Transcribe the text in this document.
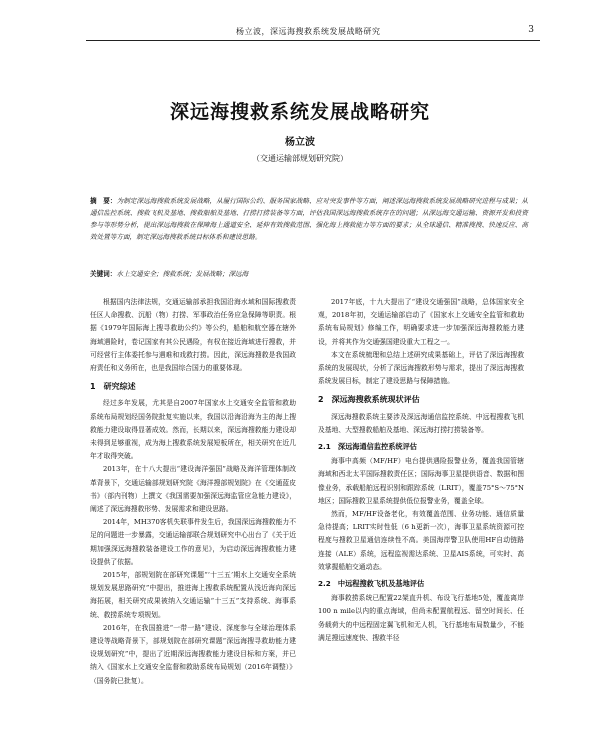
杨立波，深远海搜救系统发展战略研究	3
深远海搜救系统发展战略研究
杨立波
（交通运输部规划研究院）
摘　要：为制定深远海搜救系统发展战略，从履行国际公约、服务国家战略、应对突发事件等方面，阐述深远海搜救系统发展战略研究进程与成果；从通信监控系统、搜救飞机及基地、搜救船舶及基地、打捞打捞装备等方面，评估我国深远海搜救系统存在的问题；从深远海交通运输、资源开发和投资参与等形势分析，提出深远海搜救在保障海上通道安全、延伸有效搜救范围、强化海上搜救能力等方面的要求；从全球通信、精准搜搜、快速反应、高效处置等方面，制定深远海搜救系统目标体系和建设思路。
关键词：水上交通安全；搜救系统；发展战略；深远海

根据国内法律法规，交通运输部承担我国沿海水域和国际搜救责任区人命搜救、沉船（物）打捞、军事政治任务应急保障等职责。根据《1979年国际海上搜寻救助公约》等公约，船舶和航空器在辖外海域遇险时，卷记国家有其公民遇险，有权在接近海域进行搜救，并可经营行主体委托参与遇难和戏救打捞。因此，深远海搜救是我国政府责任和义务所在，也是我国综合国力的重要体现。

1　研究综述

经过多年发展，尤其是自2007年国家水上交通安全监管和救助系统布局规划经国务院批复实施以来，我国以沿海沿海为主的海上搜救能力建设取得显著成效。然而，长期以来，深远海搜救能力建设却未得到足够重视，成为海上搜救系统发展短板所在，相关研究在近几年才取得突破。

2013年，在十八大提出“建设海洋强国”战略及海洋管理体制改革背景下，交通运输部规划研究院《海洋搜部规划院》在《交通蓝皮书》（部内刊物）上撰文《我国需要加强深远海监管应急能力建设》，阐述了深远海搜救形势、发展需求和建设思路。

2014年，MH370客机失联事件发生后，我国深远海搜救能力不足的问题进一步暴露，交通运输部联合规划研究中心出台了《关于近期加强深远海搜救装备建设工作的意见》，为启动深远海搜救能力建设提供了依据。

2015年，部规划院在部研究课题“‘十三五’期水上交通安全系统规划发展思路研究”中提出，推进海上搜救系统配置从浅近海向深远海拓展，相关研究成果被纳入交通运输“十三五”支持系统、海事系统、救捞系统专项规划。

2016年，在我国推进“一带一路”建设、深度参与全球治理体系建设等战略背景下，部规划院在部研究课题“深远海搜寻救助能力建设规划研究”中，提出了近期深远海搜救能力建设目标和方案，并已纳入《国家水上交通安全监督和救助系统布局规划（2016年调整）》（国务院已批复）。

2017年底，十九大提出了“建设交通强国”战略，总体国家安全观，2018年初，交通运输部启动了《国家水上交通安全监管和救助系统布局规划》修编工作，明确要求进一步加强深远海搜救能力建设，并将其作为交通强国建设重大工程之一。

本文在系统梳理和总结上述研究成果基础上，评估了深远海搜救系统的发展现状，分析了深远海搜救形势与需求，提出了深远海搜救系统发展目标，制定了建设思路与保障措施。

2　深远海搜救系统现状评估

深远海搜救系统主要涉及深远海通信监控系统、中远程搜救飞机及基地、大型搜救船舶及基地、深远海打捞打捞装备等。

2.1　深远海通信监控系统评估

海事中高频（MF/HF）电台提供遇险报警业务，覆盖我国管辖海域和西北太平国际搜救责任区；国际海事卫星提供语音、数据和图像业务，承载船舶远程识别和跟踪系统（LRIT），覆盖75°S～75°N地区；国际搜救卫星系统提供低位报警业务，覆盖全球。

然而，MF/HF设备老化，有效覆盖范围、业务功能、通信质量急待提高；LRIT实时性低（6 h更新一次），海事卫星系统资源可控程度与搜救卫星通信连续性不高。美国海岸警卫队使用HF自动链路连接（ALE）系统，远程监视需达系统、卫星AIS系统，可实时、高效掌握船舶交通动态。

2.2　中远程搜救飞机及基地评估

海事救捞系统已配置22架直升机、布设飞行基地5处，覆盖离岸100 n mile以内的重点海域，但尚未配置航程远、留空时间长、任务载荷大的中远程固定翼飞机和无人机，飞行基地布局数量少，不能满足搜远速度快、搜救半径
